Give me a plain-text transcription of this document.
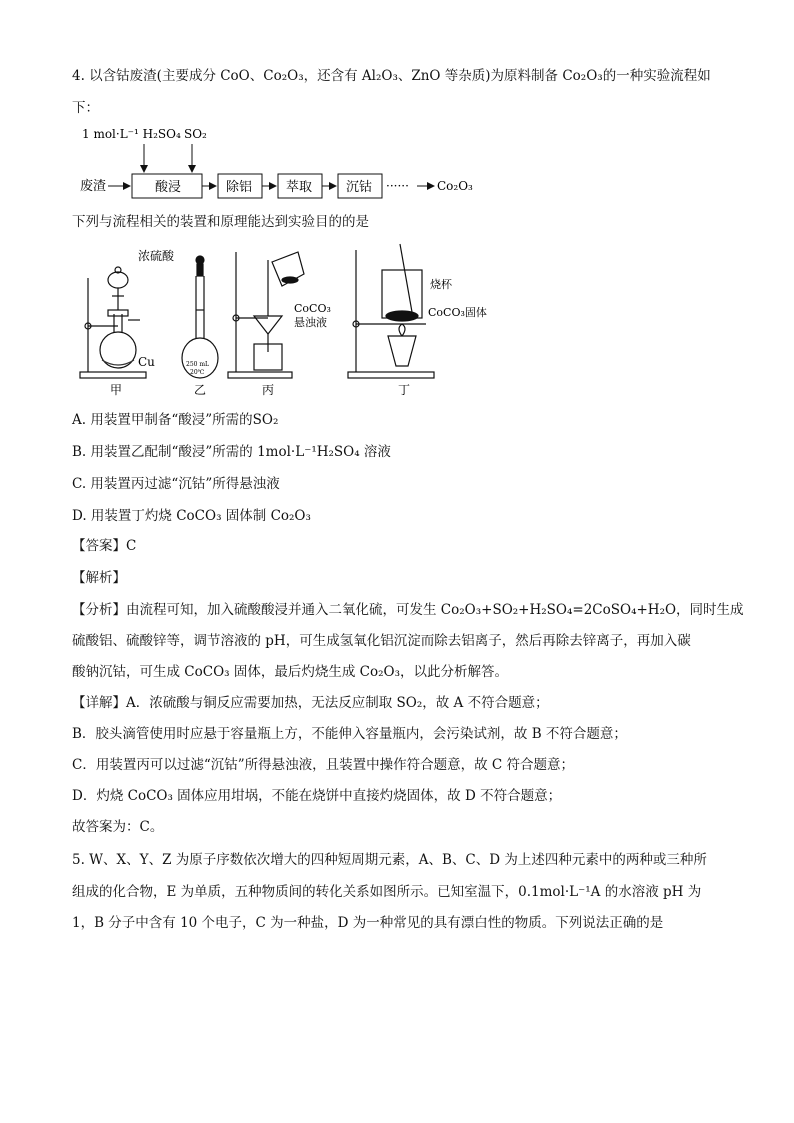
4. 以含钴废渣(主要成分 CoO、Co₂O₃，还含有 Al₂O₃、ZnO 等杂质)为原料制备 Co₂O₃的一种实验流程如
下：
1 mol·L⁻¹ H₂SO₄ SO₂
废渣	酸浸	除铝	萃取	沉钴 ······ Co₂O₃
下列与流程相关的装置和原理能达到实验目的的是
浓硫酸
Cu	250 mL
20℃
CoCO₃
悬浊液
烧杯
CoCO₃固体
甲	乙	丙	丁
A. 用装置甲制备“酸浸”所需的SO₂
B. 用装置乙配制“酸浸”所需的 1mol·L⁻¹H₂SO₄ 溶液
C. 用装置丙过滤“沉钴”所得悬浊液
D. 用装置丁灼烧 CoCO₃ 固体制 Co₂O₃
【答案】C
【解析】
【分析】由流程可知，加入硫酸酸浸并通入二氧化硫，可发生 Co₂O₃+SO₂+H₂SO₄=2CoSO₄+H₂O，同时生成
硫酸铝、硫酸锌等，调节溶液的 pH，可生成氢氧化铝沉淀而除去铝离子，然后再除去锌离子，再加入碳
酸钠沉钴，可生成 CoCO₃ 固体，最后灼烧生成 Co₂O₃，以此分析解答。
【详解】A．浓硫酸与铜反应需要加热，无法反应制取 SO₂，故 A 不符合题意；
B．胶头滴管使用时应悬于容量瓶上方，不能伸入容量瓶内，会污染试剂，故 B 不符合题意；
C．用装置丙可以过滤“沉钴”所得悬浊液，且装置中操作符合题意，故 C 符合题意；
D．灼烧 CoCO₃ 固体应用坩埚，不能在烧饼中直接灼烧固体，故 D 不符合题意；
故答案为：C。
5. W、X、Y、Z 为原子序数依次增大的四种短周期元素，A、B、C、D 为上述四种元素中的两种或三种所
组成的化合物，E 为单质，五种物质间的转化关系如图所示。已知室温下，0.1mol·L⁻¹A 的水溶液 pH 为
1，B 分子中含有 10 个电子，C 为一种盐，D 为一种常见的具有漂白性的物质。下列说法正确的是
